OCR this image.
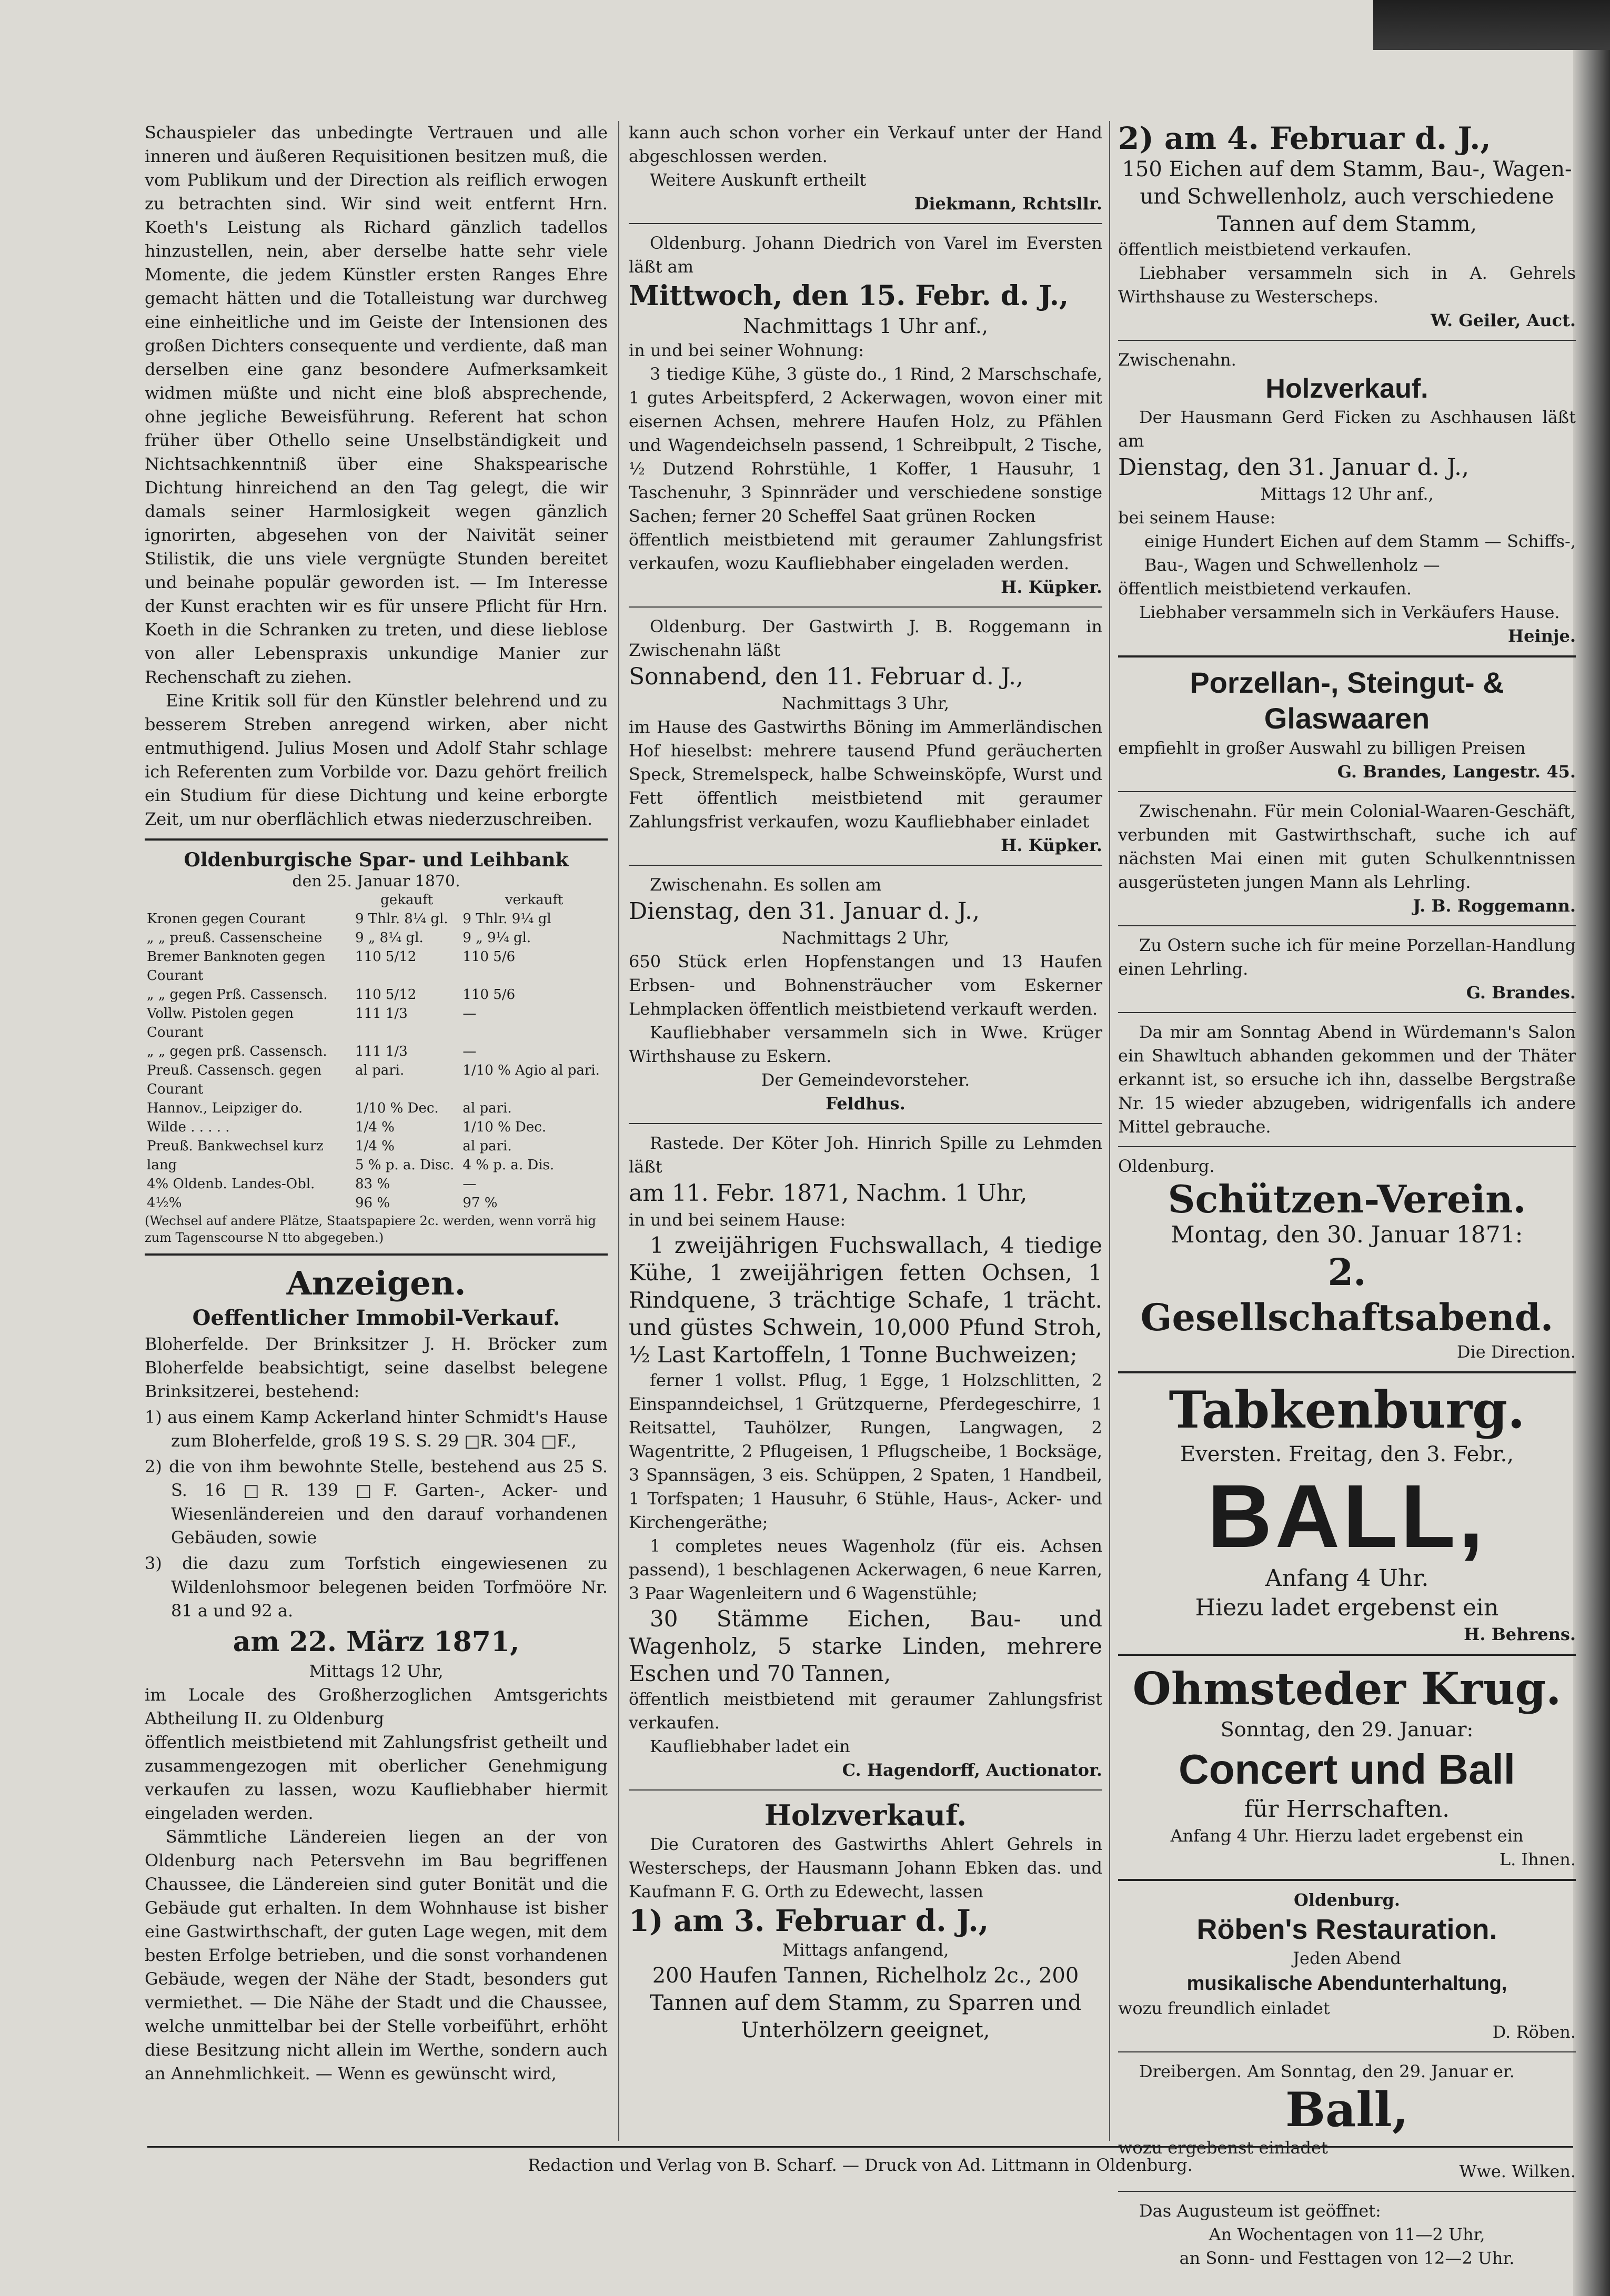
Schauspieler das unbedingte Vertrauen und alle inneren und äußeren Requisitionen besitzen muß, die vom Publikum und der Direction als reiflich erwogen zu betrachten sind. Wir sind weit entfernt Hrn. Koeth's Leistung als Richard gänzlich tadellos hinzustellen, nein, aber derselbe hatte sehr viele Momente, die jedem Künstler ersten Ranges Ehre gemacht hätten und die Totalleistung war durchweg eine einheitliche und im Geiste der Intensionen des großen Dichters consequente und verdiente, daß man derselben eine ganz besondere Aufmerksamkeit widmen müßte und nicht eine bloß absprechende, ohne jegliche Beweisführung. Referent hat schon früher über Othello seine Unselbständigkeit und Nichtsachkenntniß über eine Shakspearische Dichtung hinreichend an den Tag gelegt, die wir damals seiner Harmlosigkeit wegen gänzlich ignorirten, abgesehen von der Naivität seiner Stilistik, die uns viele vergnügte Stunden bereitet und beinahe populär geworden ist. — Im Interesse der Kunst erachten wir es für unsere Pflicht für Hrn. Koeth in die Schranken zu treten, und diese lieblose von aller Lebenspraxis unkundige Manier zur Rechenschaft zu ziehen.

Eine Kritik soll für den Künstler belehrend und zu besserem Streben anregend wirken, aber nicht entmuthigend. Julius Mosen und Adolf Stahr schlage ich Referenten zum Vorbilde vor. Dazu gehört freilich ein Studium für diese Dichtung und keine erborgte Zeit, um nur oberflächlich etwas niederzuschreiben.

Oldenburgische Spar- und Leihbank
den 25. Januar 1870.
	gekauft	verkauft
Kronen gegen Courant	9 Thlr. 8¼ gl.	9 Thlr. 9¼ gl
„ „ preuß. Cassenscheine	9 „ 8¼ gl.	9 „ 9¼ gl.
Bremer Banknoten gegen Courant	110 5/12	110 5/6
„ „ gegen Prß. Cassensch.	110 5/12	110 5/6
Vollw. Pistolen gegen Courant	111 1/3	—
„ „ gegen prß. Cassensch.	111 1/3	—
Preuß. Cassensch. gegen Courant	al pari.	1/10 % Agio al pari.
Hannov., Leipziger do.	1/10 % Dec.	al pari.
Wilde . . . . .	1/4 %	1/10 % Dec.
Preuß. Bankwechsel kurz	1/4 %	al pari.
lang	5 % p. a. Disc.	4 % p. a. Dis.
4% Oldenb. Landes-Obl.	83 %	—
4½%	96 %	97 %
(Wechsel auf andere Plätze, Staatspapiere 2c. werden, wenn vorrä hig zum Tagenscourse N tto abgegeben.)
Anzeigen.
Oeffentlicher Immobil-Verkauf.

Bloherfelde. Der Brinksitzer J. H. Bröcker zum Bloherfelde beabsichtigt, seine daselbst belegene Brinksitzerei, bestehend:

1) aus einem Kamp Ackerland hinter Schmidt's Hause zum Bloherfelde, groß 19 S. S. 29 □R. 304 □F.,

2) die von ihm bewohnte Stelle, bestehend aus 25 S. S. 16 □R. 139 □F. Garten-, Acker- und Wiesenländereien und den darauf vorhandenen Gebäuden, sowie

3) die dazu zum Torfstich eingewiesenen zu Wildenlohsmoor belegenen beiden Torfmööre Nr. 81 a und 92 a.

am 22. März 1871,
Mittags 12 Uhr,

im Locale des Großherzoglichen Amtsgerichts Abtheilung II. zu Oldenburg

öffentlich meistbietend mit Zahlungsfrist getheilt und zusammengezogen mit oberlicher Genehmigung verkaufen zu lassen, wozu Kaufliebhaber hiermit eingeladen werden.

Sämmtliche Ländereien liegen an der von Oldenburg nach Petersvehn im Bau begriffenen Chaussee, die Ländereien sind guter Bonität und die Gebäude gut erhalten. In dem Wohnhause ist bisher eine Gastwirthschaft, der guten Lage wegen, mit dem besten Erfolge betrieben, und die sonst vorhandenen Gebäude, wegen der Nähe der Stadt, besonders gut vermiethet. — Die Nähe der Stadt und die Chaussee, welche unmittelbar bei der Stelle vorbeiführt, erhöht diese Besitzung nicht allein im Werthe, sondern auch an Annehmlichkeit. — Wenn es gewünscht wird,

kann auch schon vorher ein Verkauf unter der Hand abgeschlossen werden.

Weitere Auskunft ertheilt

Diekmann, Rchtsllr.

Oldenburg. Johann Diedrich von Varel im Eversten läßt am

Mittwoch, den 15. Febr. d. J.,
Nachmittags 1 Uhr anf.,

in und bei seiner Wohnung:

3 tiedige Kühe, 3 güste do., 1 Rind, 2 Marschschafe, 1 gutes Arbeitspferd, 2 Ackerwagen, wovon einer mit eisernen Achsen, mehrere Haufen Holz, zu Pfählen und Wagendeichseln passend, 1 Schreibpult, 2 Tische, ½ Dutzend Rohrstühle, 1 Koffer, 1 Hausuhr, 1 Taschenuhr, 3 Spinnräder und verschiedene sonstige Sachen; ferner 20 Scheffel Saat grünen Rocken

öffentlich meistbietend mit geraumer Zahlungsfrist verkaufen, wozu Kaufliebhaber eingeladen werden.

H. Küpker.

Oldenburg. Der Gastwirth J. B. Roggemann in Zwischenahn läßt

Sonnabend, den 11. Februar d. J.,
Nachmittags 3 Uhr,

im Hause des Gastwirths Böning im Ammerländischen Hof hieselbst: mehrere tausend Pfund geräucherten Speck, Stremelspeck, halbe Schweinsköpfe, Wurst und Fett öffentlich meistbietend mit geraumer Zahlungsfrist verkaufen, wozu Kaufliebhaber einladet

H. Küpker.

Zwischenahn. Es sollen am

Dienstag, den 31. Januar d. J.,
Nachmittags 2 Uhr,

650 Stück erlen Hopfenstangen und 13 Haufen Erbsen- und Bohnensträucher vom Eskerner Lehmplacken öffentlich meistbietend verkauft werden.

Kaufliebhaber versammeln sich in Wwe. Krüger Wirthshause zu Eskern.

Der Gemeindevorsteher.
Feldhus.

Rastede. Der Köter Joh. Hinrich Spille zu Lehmden läßt

am 11. Febr. 1871, Nachm. 1 Uhr,

in und bei seinem Hause:

1 zweijährigen Fuchswallach, 4 tiedige Kühe, 1 zweijährigen fetten Ochsen, 1 Rindquene, 3 trächtige Schafe, 1 trächt. und güstes Schwein, 10,000 Pfund Stroh, ½ Last Kartoffeln, 1 Tonne Buchweizen;

ferner 1 vollst. Pflug, 1 Egge, 1 Holzschlitten, 2 Einspanndeichsel, 1 Grützquerne, Pferdegeschirre, 1 Reitsattel, Tauhölzer, Rungen, Langwagen, 2 Wagentritte, 2 Pflugeisen, 1 Pflugscheibe, 1 Bocksäge, 3 Spannsägen, 3 eis. Schüppen, 2 Spaten, 1 Handbeil, 1 Torfspaten; 1 Hausuhr, 6 Stühle, Haus-, Acker- und Kirchengeräthe;

1 completes neues Wagenholz (für eis. Achsen passend), 1 beschlagenen Ackerwagen, 6 neue Karren, 3 Paar Wagenleitern und 6 Wagenstühle;

30 Stämme Eichen, Bau- und Wagenholz, 5 starke Linden, mehrere Eschen und 70 Tannen,

öffentlich meistbietend mit geraumer Zahlungsfrist verkaufen.

Kaufliebhaber ladet ein

C. Hagendorff, Auctionator.
Holzverkauf.

Die Curatoren des Gastwirths Ahlert Gehrels in Westerscheps, der Hausmann Johann Ebken das. und Kaufmann F. G. Orth zu Edewecht, lassen

1) am 3. Februar d. J.,
Mittags anfangend,

200 Haufen Tannen, Richelholz 2c., 200 Tannen auf dem Stamm, zu Sparren und Unterhölzern geeignet,

2) am 4. Februar d. J.,

150 Eichen auf dem Stamm, Bau-, Wagen- und Schwellenholz, auch verschiedene Tannen auf dem Stamm,

öffentlich meistbietend verkaufen.

Liebhaber versammeln sich in A. Gehrels Wirthshause zu Westerscheps.

W. Geiler, Auct.
Zwischenahn.
Holzverkauf.

Der Hausmann Gerd Ficken zu Aschhausen läßt am

Dienstag, den 31. Januar d. J.,
Mittags 12 Uhr anf.,

bei seinem Hause:

einige Hundert Eichen auf dem Stamm — Schiffs-, Bau-, Wagen und Schwellenholz —

öffentlich meistbietend verkaufen.

Liebhaber versammeln sich in Verkäufers Hause.

Heinje.
Porzellan-, Steingut- & Glaswaaren

empfiehlt in großer Auswahl zu billigen Preisen

G. Brandes, Langestr. 45.

Zwischenahn. Für mein Colonial-Waaren-Geschäft, verbunden mit Gastwirthschaft, suche ich auf nächsten Mai einen mit guten Schulkenntnissen ausgerüsteten jungen Mann als Lehrling.

J. B. Roggemann.

Zu Ostern suche ich für meine Porzellan-Handlung einen Lehrling.

G. Brandes.

Da mir am Sonntag Abend in Würdemann's Salon ein Shawltuch abhanden gekommen und der Thäter erkannt ist, so ersuche ich ihn, dasselbe Bergstraße Nr. 15 wieder abzugeben, widrigenfalls ich andere Mittel gebrauche.

Oldenburg.
Schützen-Verein.
Montag, den 30. Januar 1871:
2. Gesellschaftsabend.
Die Direction.
Tabkenburg.
Eversten. Freitag, den 3. Febr.,
BALL,
Anfang 4 Uhr.
Hiezu ladet ergebenst ein
H. Behrens.
Ohmsteder Krug.
Sonntag, den 29. Januar:
Concert und Ball
für Herrschaften.
Anfang 4 Uhr. Hierzu ladet ergebenst ein
L. Ihnen.
Oldenburg.
Röben's Restauration.
Jeden Abend
musikalische Abendunterhaltung,
wozu freundlich einladet
D. Röben.

Dreibergen. Am Sonntag, den 29. Januar er.

Ball,
wozu ergebenst einladet
Wwe. Wilken.

Das Augusteum ist geöffnet:

An Wochentagen von 11—2 Uhr,
an Sonn- und Festtagen von 12—2 Uhr.
Redaction und Verlag von B. Scharf. — Druck von Ad. Littmann in Oldenburg.
